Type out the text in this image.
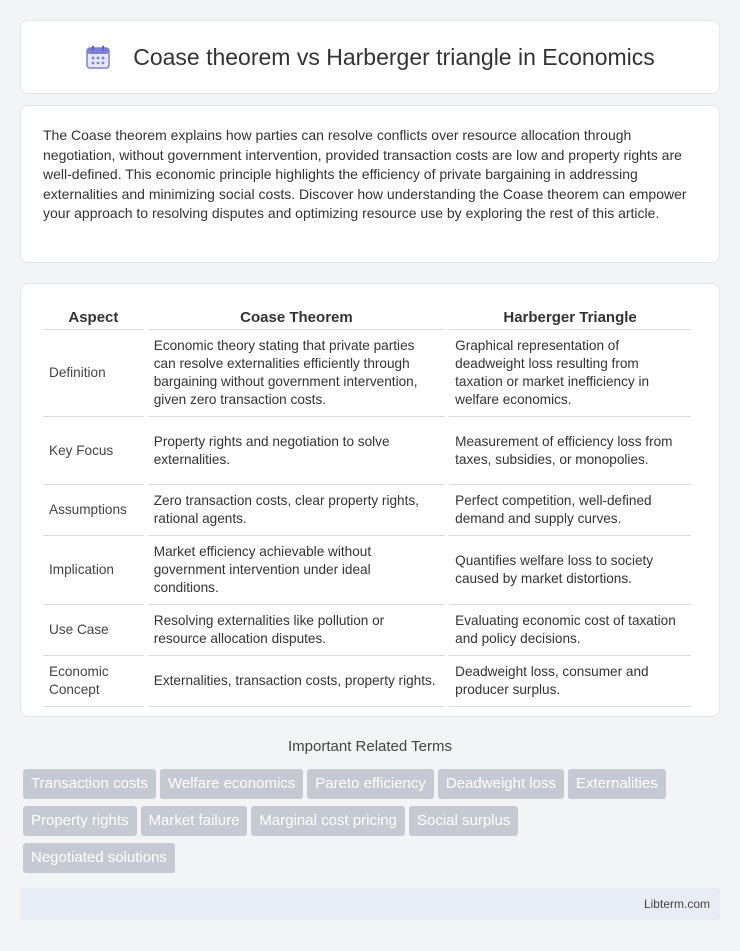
Coase theorem vs Harberger triangle in Economics

The Coase theorem explains how parties can resolve conflicts over resource allocation through negotiation, without government intervention, provided transaction costs are low and property rights are well-defined. This economic principle highlights the efficiency of private bargaining in addressing externalities and minimizing social costs. Discover how understanding the Coase theorem can empower your approach to resolving disputes and optimizing resource use by exploring the rest of this article.

Aspect	Coase Theorem	Harberger Triangle
Definition	Economic theory stating that private parties can resolve externalities efficiently through bargaining without government intervention, given zero transaction costs.	Graphical representation of deadweight loss resulting from taxation or market inefficiency in welfare economics.
Key Focus	Property rights and negotiation to solve externalities.	Measurement of efficiency loss from taxes, subsidies, or monopolies.
Assumptions	Zero transaction costs, clear property rights, rational agents.	Perfect competition, well-defined demand and supply curves.
Implication	Market efficiency achievable without government intervention under ideal conditions.	Quantifies welfare loss to society caused by market distortions.
Use Case	Resolving externalities like pollution or resource allocation disputes.	Evaluating economic cost of taxation and policy decisions.
Economic Concept	Externalities, transaction costs, property rights.	Deadweight loss, consumer and producer surplus.
Important Related Terms
Transaction costs Welfare economics Pareto efficiency Deadweight loss Externalities
Property rights Market failure Marginal cost pricing Social surplus
Negotiated solutions
Libterm.com
